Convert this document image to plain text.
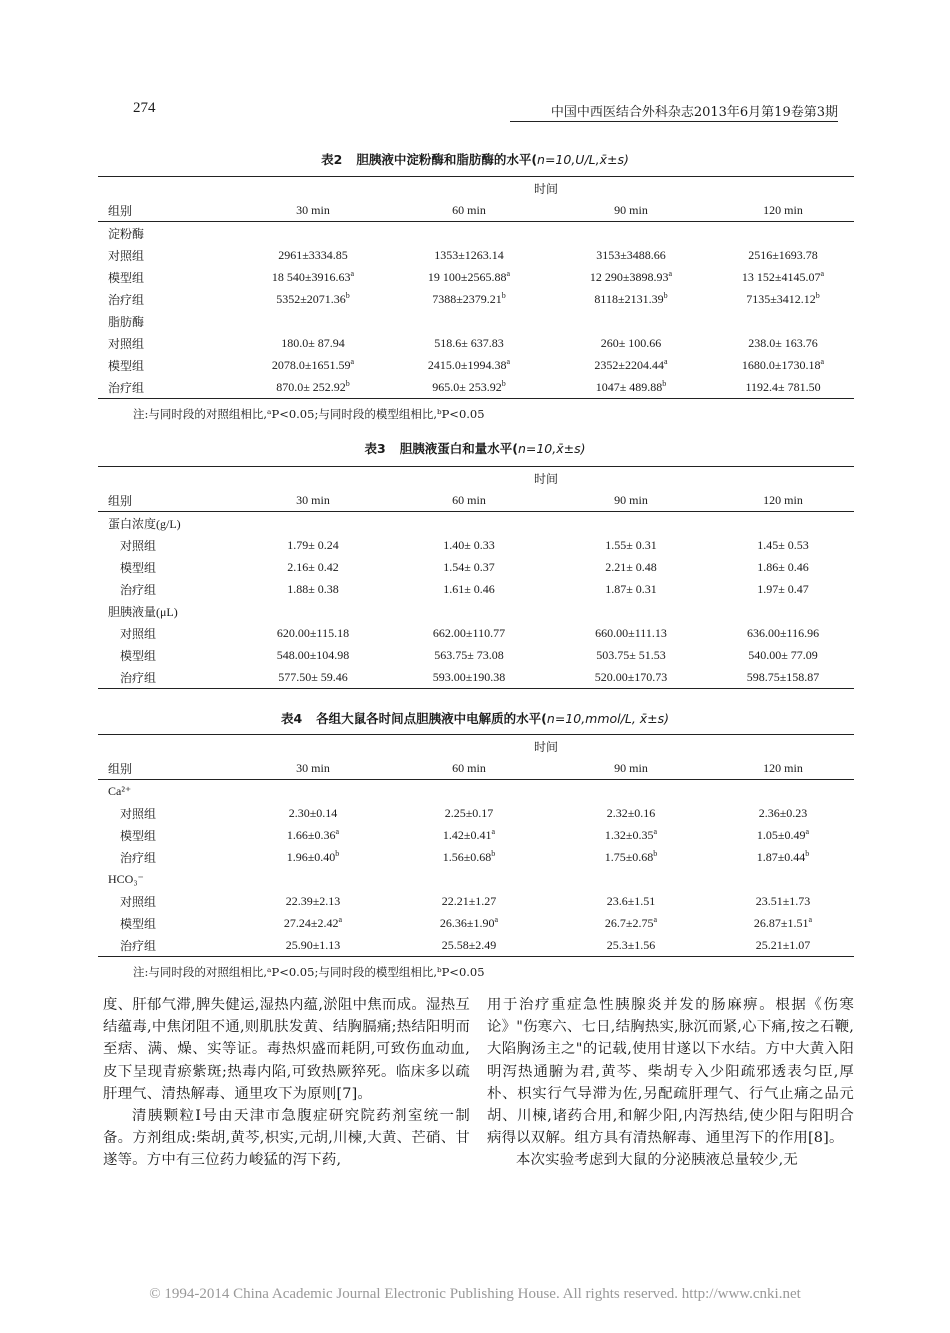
274	中国中西医结合外科杂志2013年6月第19卷第3期
表2 胆胰液中淀粉酶和脂肪酶的水平(n=10,U/L,x̄±s)
	时间			
组别	30 min	60 min	90 min	120 min
淀粉酶				
对照组	2961±3334.85	1353±1263.14	3153±3488.66	2516±1693.78
模型组	18 540±3916.63$^a$	19 100±2565.88$^a$	12 290±3898.93$^a$	13 152±4145.07$^a$
治疗组	5352±2071.36$^b$	7388±2379.21$^b$	8118±2131.39$^b$	7135±3412.12$^b$
脂肪酶				
对照组	180.0± 87.94	518.6± 637.83	260± 100.66	238.0± 163.76
模型组	2078.0±1651.59$^a$	2415.0±1994.38$^a$	2352±2204.44$^a$	1680.0±1730.18$^a$
治疗组	870.0± 252.92$^b$	965.0± 253.92$^b$	1047± 489.88$^b$	1192.4± 781.50
注:与同时段的对照组相比,ᵃP<0.05;与同时段的模型组相比,ᵇP<0.05
表3 胆胰液蛋白和量水平(n=10,x̄±s)
	时间			
组别	30 min	60 min	90 min	120 min
蛋白浓度(g/L)				
对照组	1.79± 0.24	1.40± 0.33	1.55± 0.31	1.45± 0.53
模型组	2.16± 0.42	1.54± 0.37	2.21± 0.48	1.86± 0.46
治疗组	1.88± 0.38	1.61± 0.46	1.87± 0.31	1.97± 0.47
胆胰液量(μL)				
对照组	620.00±115.18	662.00±110.77	660.00±111.13	636.00±116.96
模型组	548.00±104.98	563.75± 73.08	503.75± 51.53	540.00± 77.09
治疗组	577.50± 59.46	593.00±190.38	520.00±170.73	598.75±158.87
表4 各组大鼠各时间点胆胰液中电解质的水平(n=10,mmol/L, x̄±s)
	时间			
组别	30 min	60 min	90 min	120 min
Ca²⁺				
对照组	2.30±0.14	2.25±0.17	2.32±0.16	2.36±0.23
模型组	1.66±0.36$^a$	1.42±0.41$^a$	1.32±0.35$^a$	1.05±0.49$^a$
治疗组	1.96±0.40$^b$	1.56±0.68$^b$	1.75±0.68$^b$	1.87±0.44$^b$
HCO₃⁻				
对照组	22.39±2.13	22.21±1.27	23.6±1.51	23.51±1.73
模型组	27.24±2.42$^a$	26.36±1.90$^a$	26.7±2.75$^a$	26.87±1.51$^a$
治疗组	25.90±1.13	25.58±2.49	25.3±1.56	25.21±1.07
注:与同时段的对照组相比,ᵃP<0.05;与同时段的模型组相比,ᵇP<0.05

度、肝郁气滞,脾失健运,湿热内蕴,淤阻中焦而成。湿热互结蕴毒,中焦闭阻不通,则肌肤发黄、结胸膈痛;热结阳明而至痞、满、燥、实等证。毒热炽盛而耗阴,可致伤血动血,皮下呈现青瘀紫斑;热毒内陷,可致热厥猝死。临床多以疏肝理气、清热解毒、通里攻下为原则[7]。

清胰颗粒Ⅰ号由天津市急腹症研究院药剂室统一制备。方剂组成:柴胡,黄芩,枳实,元胡,川楝,大黄、芒硝、甘遂等。方中有三位药力峻猛的泻下药,

用于治疗重症急性胰腺炎并发的肠麻痹。根据《伤寒论》"伤寒六、七日,结胸热实,脉沉而紧,心下痛,按之石鞭,大陷胸汤主之"的记载,使用甘遂以下水结。方中大黄入阳明泻热通腑为君,黄芩、柴胡专入少阳疏邪透表匀臣,厚朴、枳实行气导滞为佐,另配疏肝理气、行气止痛之品元胡、川楝,诸药合用,和解少阳,内泻热结,使少阳与阳明合病得以双解。组方具有清热解毒、通里泻下的作用[8]。

本次实验考虑到大鼠的分泌胰液总量较少,无

© 1994-2014 China Academic Journal Electronic Publishing House. All rights reserved. http://www.cnki.net
